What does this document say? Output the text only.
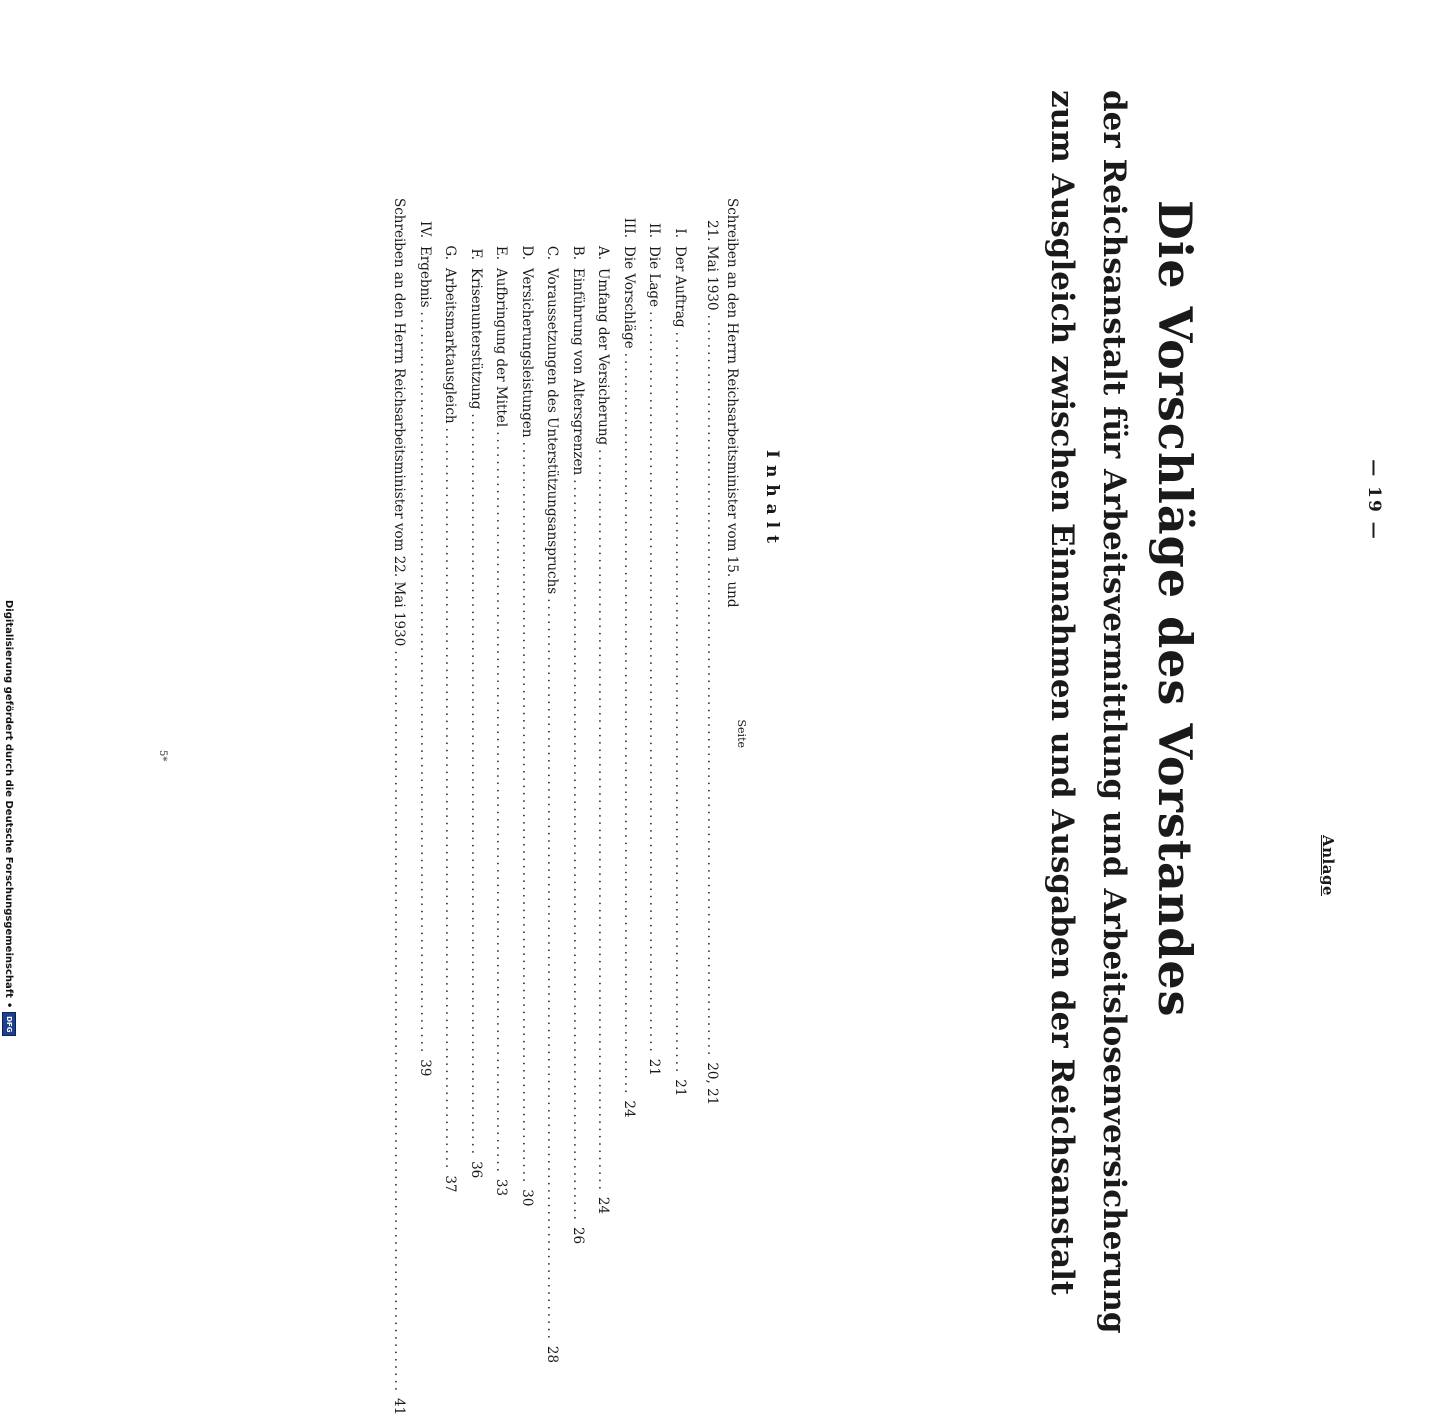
Anlage
— 19 —
Die Vorschläge des Vorstandes
der Reichsanstalt für Arbeitsvermittlung und Arbeitslosenversicherung
zum Ausgleich zwischen Einnahmen und Ausgaben der Reichsanstalt
Inhalt
Seite
Schreiben an den Herrn Reichsarbeitsminister vom 15. und
21. Mai 1930
......................................................................................................
20, 21
I.
Der Auftrag
......................................................................................................
21
II.
Die Lage
......................................................................................................
21
III.
Die Vorschläge
......................................................................................................
24
A.
Umfang der Versicherung
......................................................................................................
24
B.
Einführung von Altersgrenzen
......................................................................................................
26
C.
Voraussetzungen des Unterstützungsanspruchs
......................................................................................................
28
D.
Versicherungsleistungen
......................................................................................................
30
E.
Aufbringung der Mittel
......................................................................................................
33
F.
Krisenunterstützung
......................................................................................................
36
G.
Arbeitsmarktausgleich
......................................................................................................
37
IV.
Ergebnis
......................................................................................................
39
Schreiben an den Herrn Reichsarbeitsminister vom 22. Mai 1930
......................................................................................................
41
5*
Digitalisierung gefördert durch die Deutsche Forschungsgemeinschaft
•
DFG
